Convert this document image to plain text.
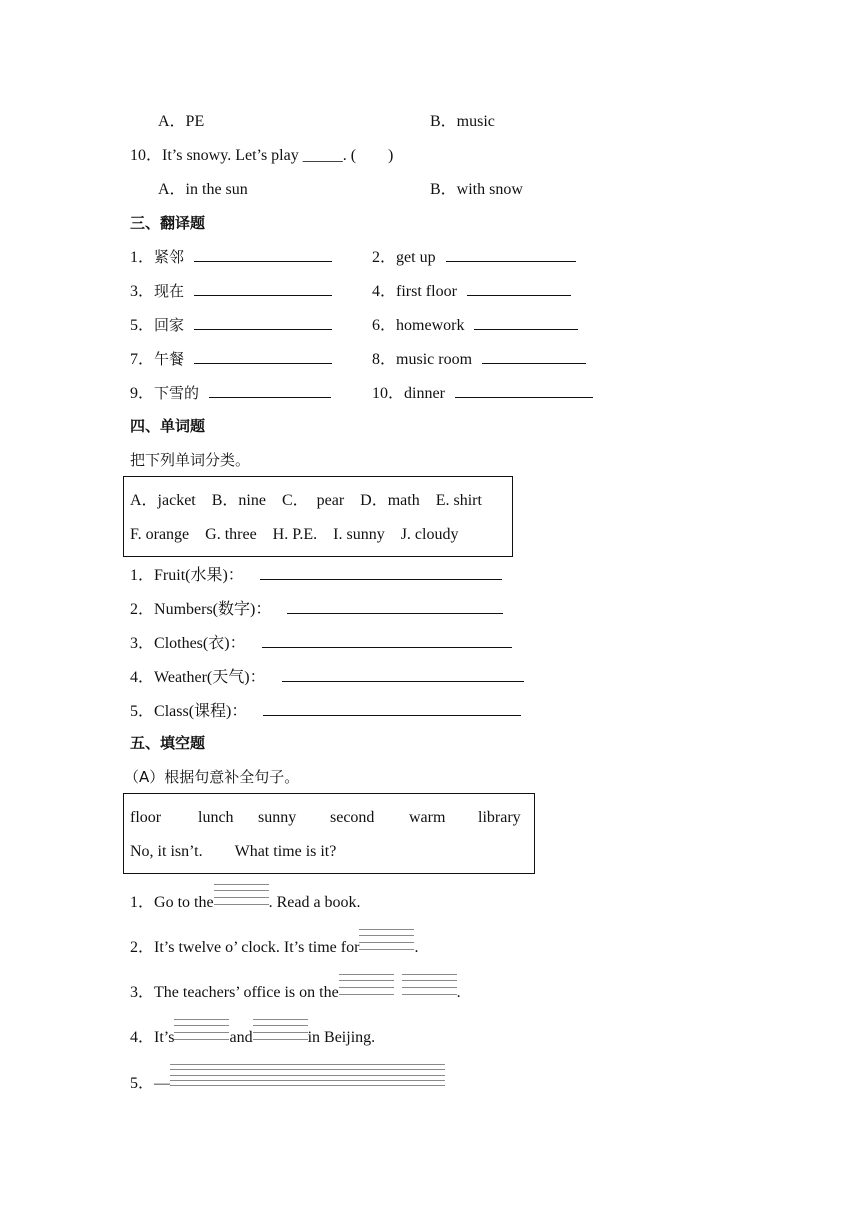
A．PE	B．music
10．It’s snowy. Let’s play _____. (　　)
A．in the sun	B．with snow
三、翻译题
1．紧邻	2．get up
3．现在	4．first floor
5．回家	6．homework
7．午餐	8．music room
9．下雪的	10．dinner
四、单词题
把下列单词分类。
A．jacket　B．nine　C．　pear　D．math　E. shirt
F. orange　G. three　H. P.E.　I. sunny　J. cloudy
1．Fruit(水果)：
2．Numbers(数字)：
3．Clothes(衣)：
4．Weather(天气)：
5．Class(课程)：
五、填空题
（A）根据句意补全句子。
floor lunch sunny second warm library
No, it isn’t.　　What time is it?
1．Go to the	. Read a book.
2．It’s twelve o’ clock. It’s time for	.
3．The teachers’ office is on the	.
4．It’s	and	in Beijing.
5．—
